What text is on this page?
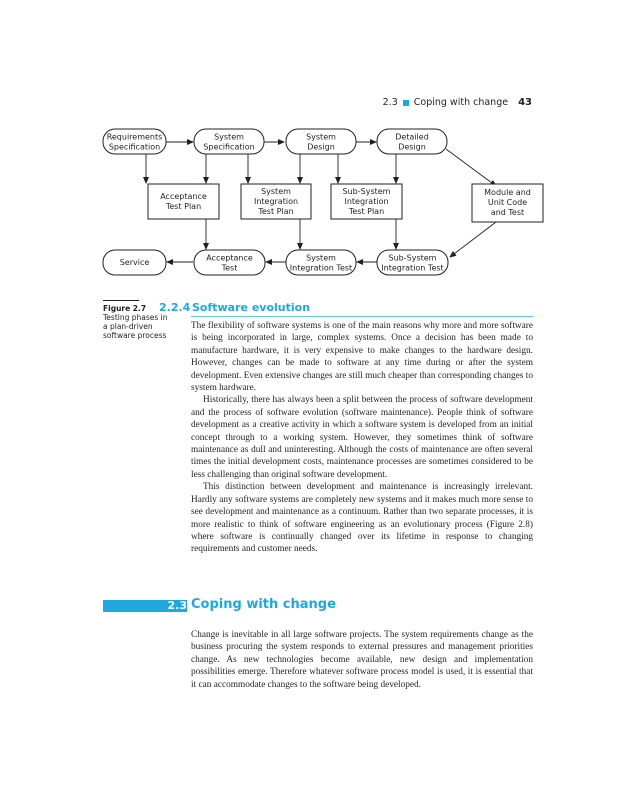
2.3 Coping with change 43
Requirements Specification
System Specification
System Design
Detailed Design
Acceptance Test Plan
System Integration Test Plan
Sub-System Integration Test Plan
Module and Unit Code and Test
Service	Acceptance Test
System Integration Test
Sub-System Integration Test
Figure 2.7
Testing phases in a plan-driven software process
2.2.4 Software evolution

The flexibility of software systems is one of the main reasons why more and more software is being incorporated in large, complex systems. Once a decision has been made to manufacture hardware, it is very expensive to make changes to the hardware design. However, changes can be made to software at any time during or after the system development. Even extensive changes are still much cheaper than corresponding changes to system hardware.

Historically, there has always been a split between the process of software development and the process of software evolution (software maintenance). People think of software development as a creative activity in which a software system is developed from an initial concept through to a working system. However, they sometimes think of software maintenance as dull and uninteresting. Although the costs of maintenance are often several times the initial development costs, maintenance processes are sometimes considered to be less challenging than original software development.

This distinction between development and maintenance is increasingly irrelevant. Hardly any software systems are completely new systems and it makes much more sense to see development and maintenance as a continuum. Rather than two separate processes, it is more realistic to think of software engineering as an evolutionary process (Figure 2.8) where software is continually changed over its lifetime in response to changing requirements and customer needs.

2.3 Coping with change

Change is inevitable in all large software projects. The system requirements change as the business procuring the system responds to external pressures and management priorities change. As new technologies become available, new design and implementation possibilities emerge. Therefore whatever software process model is used, it is essential that it can accommodate changes to the software being developed.
